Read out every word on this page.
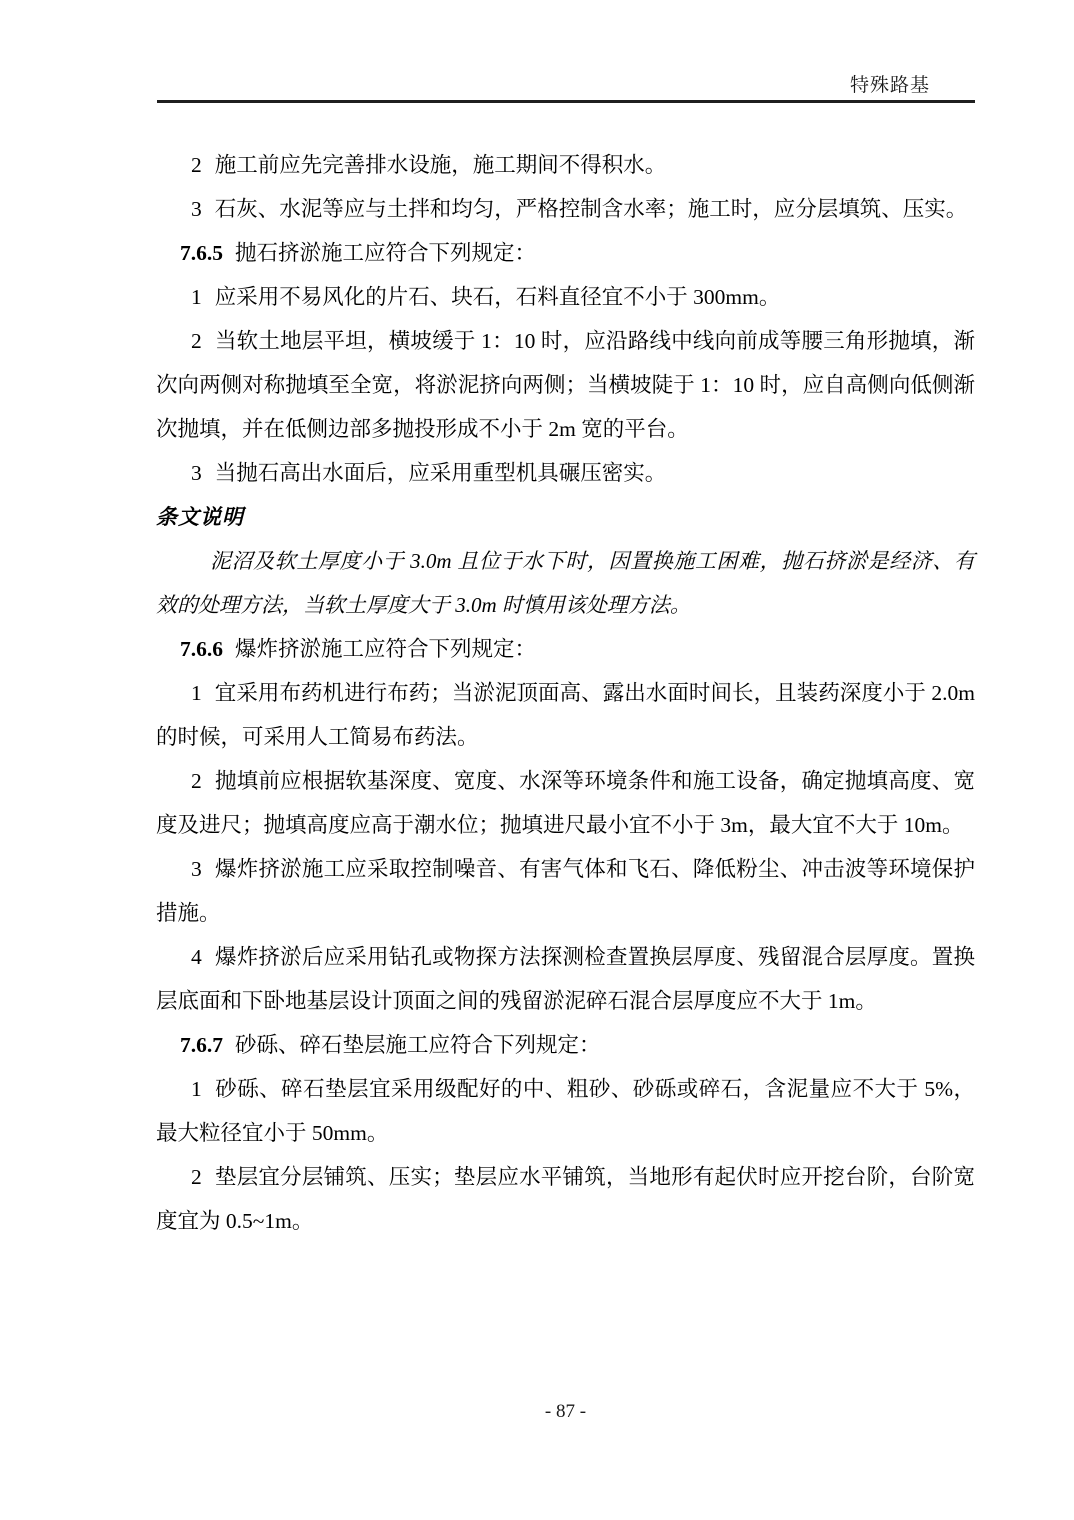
特殊路基

2 施工前应先完善排水设施，施工期间不得积水。

3 石灰、水泥等应与土拌和均匀，严格控制含水率；施工时，应分层填筑、压实。

7.6.5 抛石挤淤施工应符合下列规定：

1 应采用不易风化的片石、块石，石料直径宜不小于 300mm。

2 当软土地层平坦，横坡缓于 1：10 时，应沿路线中线向前成等腰三角形抛填，渐次向两侧对称抛填至全宽，将淤泥挤向两侧；当横坡陡于 1：10 时，应自高侧向低侧渐次抛填，并在低侧边部多抛投形成不小于 2m 宽的平台。

3 当抛石高出水面后，应采用重型机具碾压密实。

条文说明

泥沼及软土厚度小于 3.0m 且位于水下时，因置换施工困难，抛石挤淤是经济、有效的处理方法，当软土厚度大于 3.0m 时慎用该处理方法。

7.6.6 爆炸挤淤施工应符合下列规定：

1 宜采用布药机进行布药；当淤泥顶面高、露出水面时间长，且装药深度小于 2.0m 的时候，可采用人工简易布药法。

2 抛填前应根据软基深度、宽度、水深等环境条件和施工设备，确定抛填高度、宽度及进尺；抛填高度应高于潮水位；抛填进尺最小宜不小于 3m，最大宜不大于 10m。

3 爆炸挤淤施工应采取控制噪音、有害气体和飞石、降低粉尘、冲击波等环境保护措施。

4 爆炸挤淤后应采用钻孔或物探方法探测检查置换层厚度、残留混合层厚度。置换层底面和下卧地基层设计顶面之间的残留淤泥碎石混合层厚度应不大于 1m。

7.6.7 砂砾、碎石垫层施工应符合下列规定：

1 砂砾、碎石垫层宜采用级配好的中、粗砂、砂砾或碎石，含泥量应不大于 5%，最大粒径宜小于 50mm。

2 垫层宜分层铺筑、压实；垫层应水平铺筑，当地形有起伏时应开挖台阶，台阶宽度宜为 0.5~1m。

- 87 -
